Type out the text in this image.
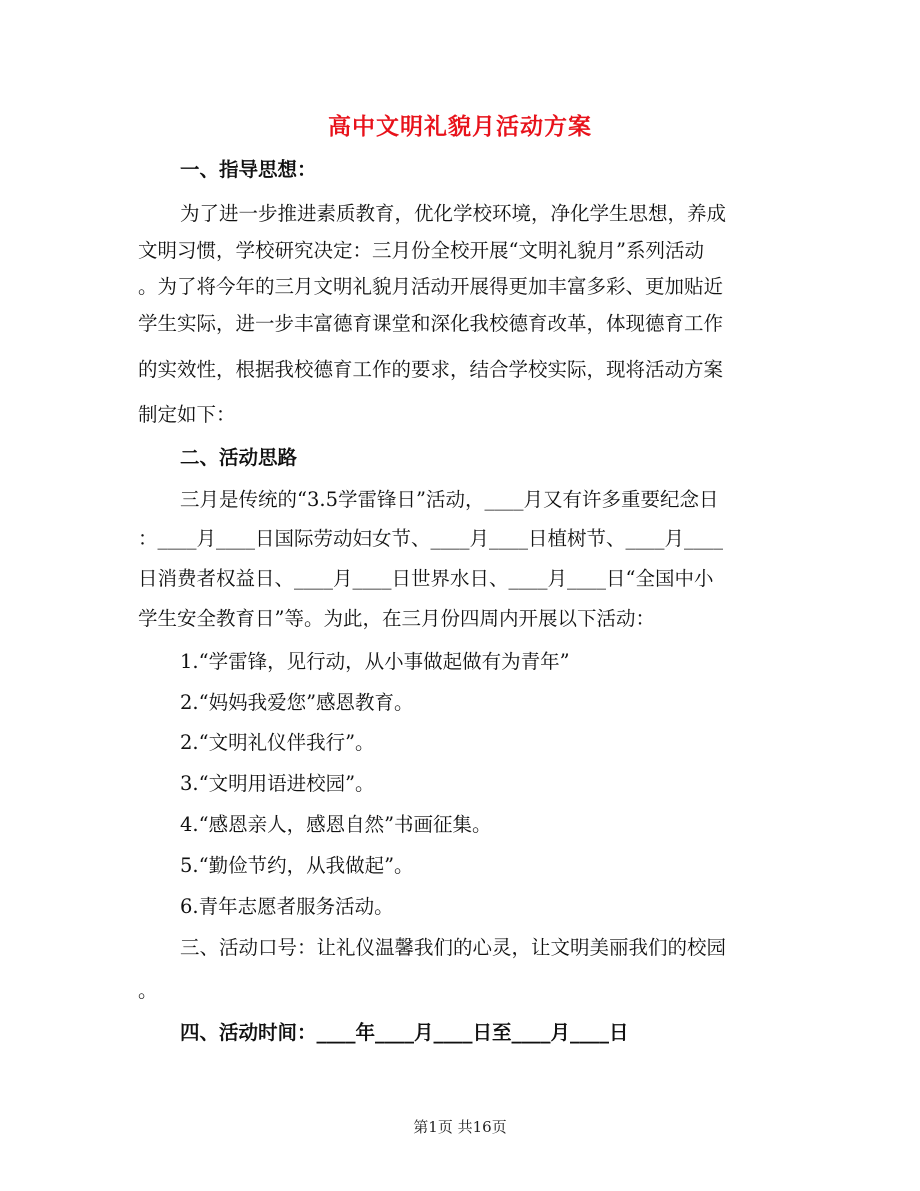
高中文明礼貌月活动方案
一、指导思想：
为了进一步推进素质教育，优化学校环境，净化学生思想，养成
文明习惯，学校研究决定：三月份全校开展“文明礼貌月”系列活动
。为了将今年的三月文明礼貌月活动开展得更加丰富多彩、更加贴近
学生实际，进一步丰富德育课堂和深化我校德育改革，体现德育工作
的实效性，根据我校德育工作的要求，结合学校实际，现将活动方案
制定如下：
二、活动思路
三月是传统的“3.5学雷锋日”活动，____月又有许多重要纪念日
：____月____日国际劳动妇女节、____月____日植树节、____月____
日消费者权益日、____月____日世界水日、____月____日“全国中小
学生安全教育日”等。为此，在三月份四周内开展以下活动：
1.“学雷锋，见行动，从小事做起做有为青年”
2.“妈妈我爱您”感恩教育。
2.“文明礼仪伴我行”。
3.“文明用语进校园”。
4.“感恩亲人，感恩自然”书画征集。
5.“勤俭节约，从我做起”。
6.青年志愿者服务活动。
三、活动口号：让礼仪温馨我们的心灵，让文明美丽我们的校园
。
四、活动时间：____年____月____日至____月____日
第1页 共16页
